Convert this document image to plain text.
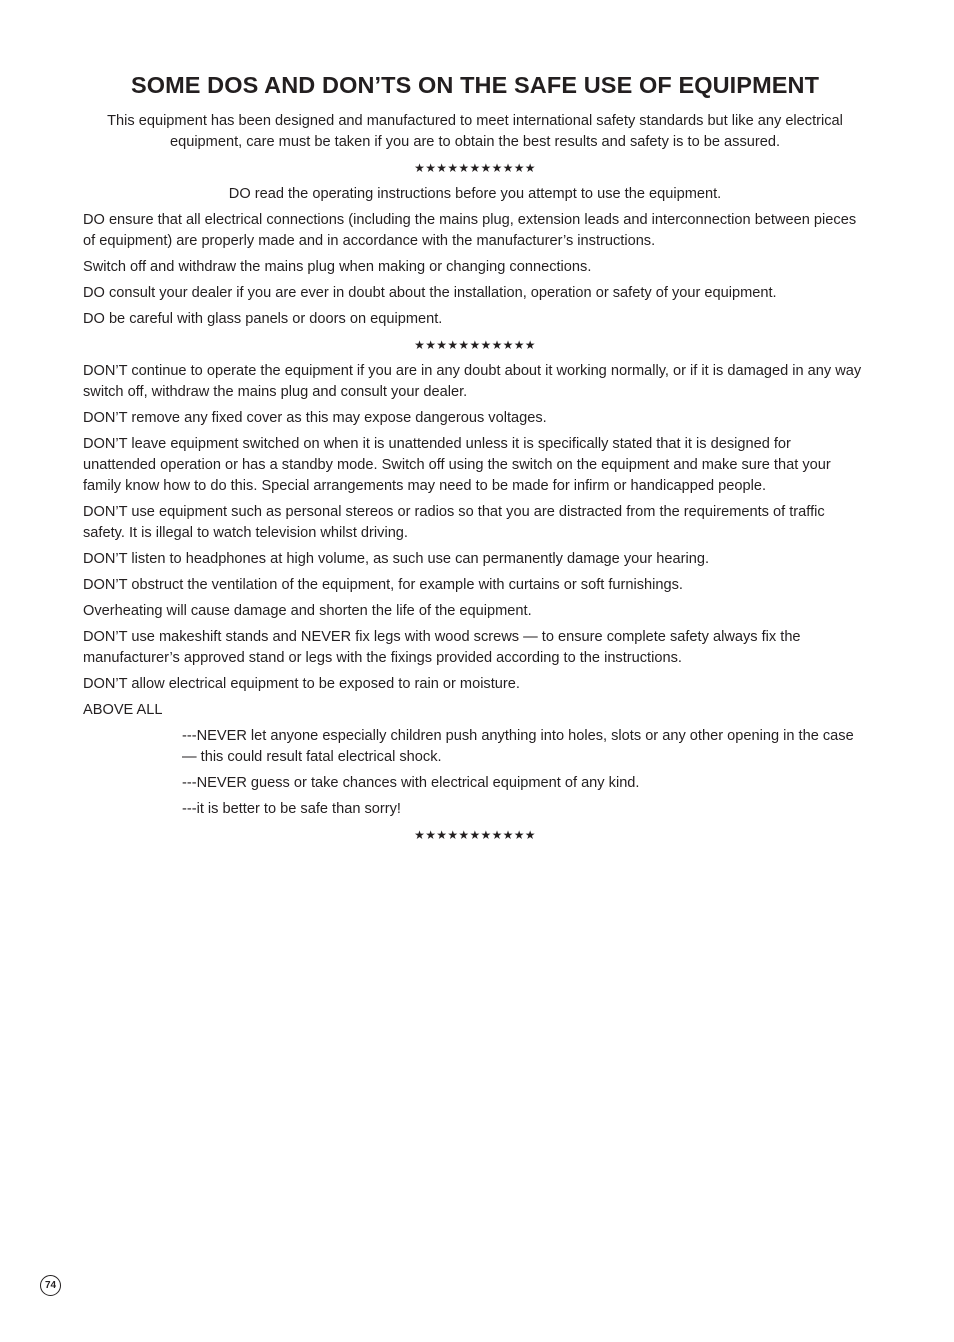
SOME DOS AND DON’TS ON THE SAFE USE OF EQUIPMENT

This equipment has been designed and manufactured to meet international safety standards but like any electrical equipment, care must be taken if you are to obtain the best results and safety is to be assured.

★★★★★★★★★★★

DO read the operating instructions before you attempt to use the equipment.

DO ensure that all electrical connections (including the mains plug, extension leads and interconnection between pieces of equipment) are properly made and in accordance with the manufacturer’s instructions.

Switch off and withdraw the mains plug when making or changing connections.

DO consult your dealer if you are ever in doubt about the installation, operation or safety of your equipment.

DO be careful with glass panels or doors on equipment.

★★★★★★★★★★★

DON’T continue to operate the equipment if you are in any doubt about it working normally, or if it is damaged in any way switch off, withdraw the mains plug and consult your dealer.

DON’T remove any fixed cover as this may expose dangerous voltages.

DON’T leave equipment switched on when it is unattended unless it is specifically stated that it is designed for unattended operation or has a standby mode. Switch off using the switch on the equipment and make sure that your family know how to do this. Special arrangements may need to be made for infirm or handicapped people.

DON’T use equipment such as personal stereos or radios so that you are distracted from the requirements of traffic safety. It is illegal to watch television whilst driving.

DON’T listen to headphones at high volume, as such use can permanently damage your hearing.

DON’T obstruct the ventilation of the equipment, for example with curtains or soft furnishings.

Overheating will cause damage and shorten the life of the equipment.

DON’T use makeshift stands and NEVER fix legs with wood screws — to ensure complete safety always fix the manufacturer’s approved stand or legs with the fixings provided according to the instructions.

DON’T allow electrical equipment to be exposed to rain or moisture.

ABOVE ALL

---NEVER let anyone especially children push anything into holes, slots or any other opening in the case — this could result fatal electrical shock.

---NEVER guess or take chances with electrical equipment of any kind.

---it is better to be safe than sorry!

★★★★★★★★★★★
74
